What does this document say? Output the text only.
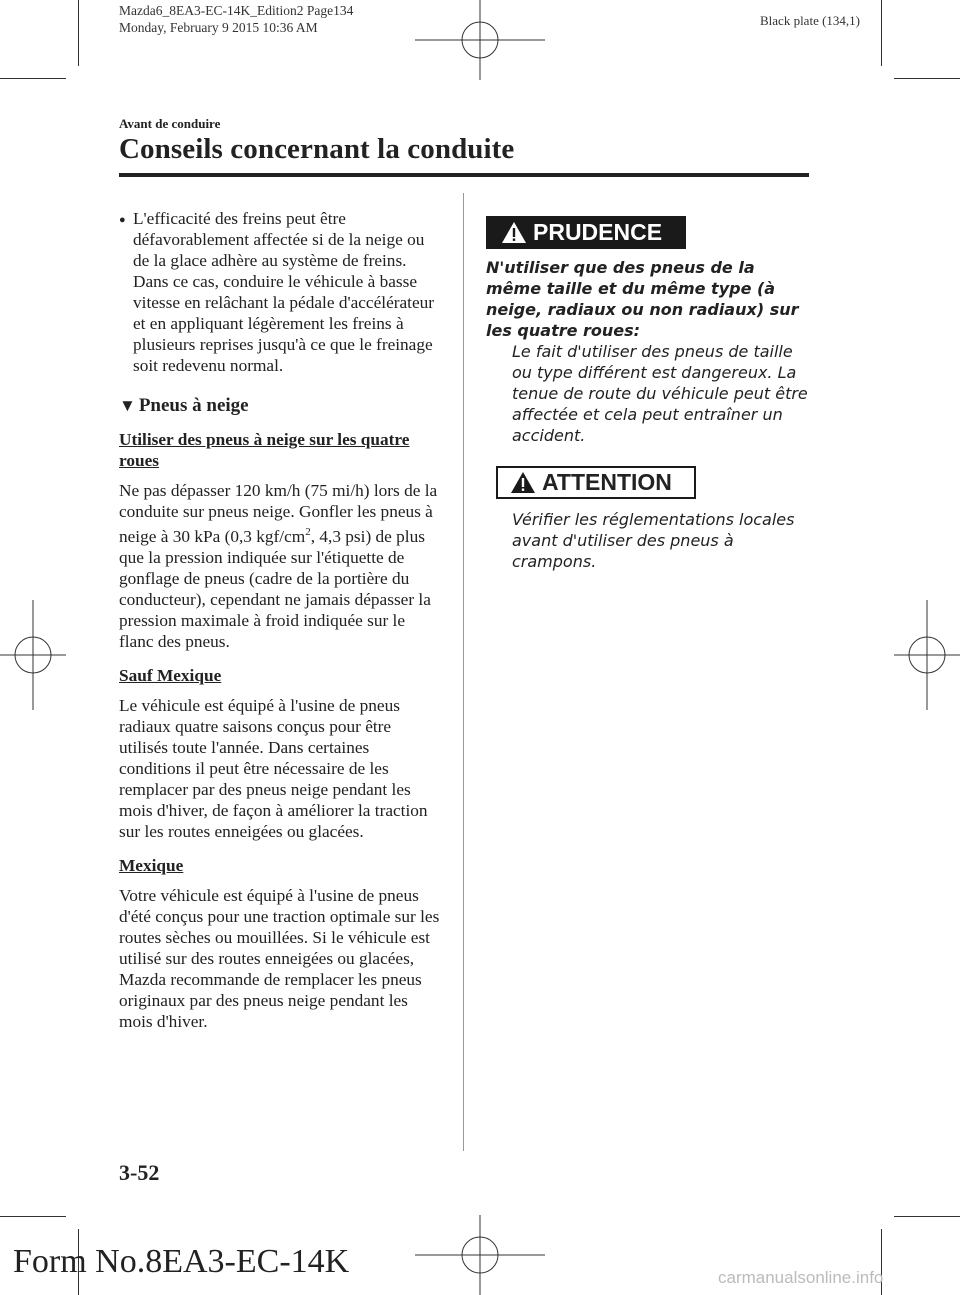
Mazda6_8EA3-EC-14K_Edition2 Page134
Monday, February 9 2015 10:36 AM	Black plate (134,1)
Avant de conduire
Conseils concernant la conduite
● L'efficacité des freins peut être défavorablement affectée si de la neige ou de la glace adhère au système de freins. Dans ce cas, conduire le véhicule à basse vitesse en relâchant la pédale d'accélérateur et en appliquant légèrement les freins à plusieurs reprises jusqu'à ce que le freinage soit redevenu normal.
▼ Pneus à neige

Utiliser des pneus à neige sur les quatre roues

Ne pas dépasser 120 km/h (75 mi/h) lors de la conduite sur pneus neige. Gonfler les pneus à neige à 30 kPa (0,3 kgf/$cm^2$, 4,3 psi) de plus que la pression indiquée sur l'étiquette de gonflage de pneus (cadre de la portière du conducteur), cependant ne jamais dépasser la pression maximale à froid indiquée sur le flanc des pneus.

Sauf Mexique

Le véhicule est équipé à l'usine de pneus radiaux quatre saisons conçus pour être utilisés toute l'année. Dans certaines conditions il peut être nécessaire de les remplacer par des pneus neige pendant les mois d'hiver, de façon à améliorer la traction sur les routes enneigées ou glacées.

Mexique

Votre véhicule est équipé à l'usine de pneus d'été conçus pour une traction optimale sur les routes sèches ou mouillées. Si le véhicule est utilisé sur des routes enneigées ou glacées, Mazda recommande de remplacer les pneus originaux par des pneus neige pendant les mois d'hiver.

PRUDENCE

N'utiliser que des pneus de la même taille et du même type (à neige, radiaux ou non radiaux) sur les quatre roues:

Le fait d'utiliser des pneus de taille ou type différent est dangereux. La tenue de route du véhicule peut être affectée et cela peut entraîner un accident.

ATTENTION

Vérifier les réglementations locales avant d'utiliser des pneus à crampons.

3-52
Form No.8EA3-EC-14K	carmanualsonline.info
